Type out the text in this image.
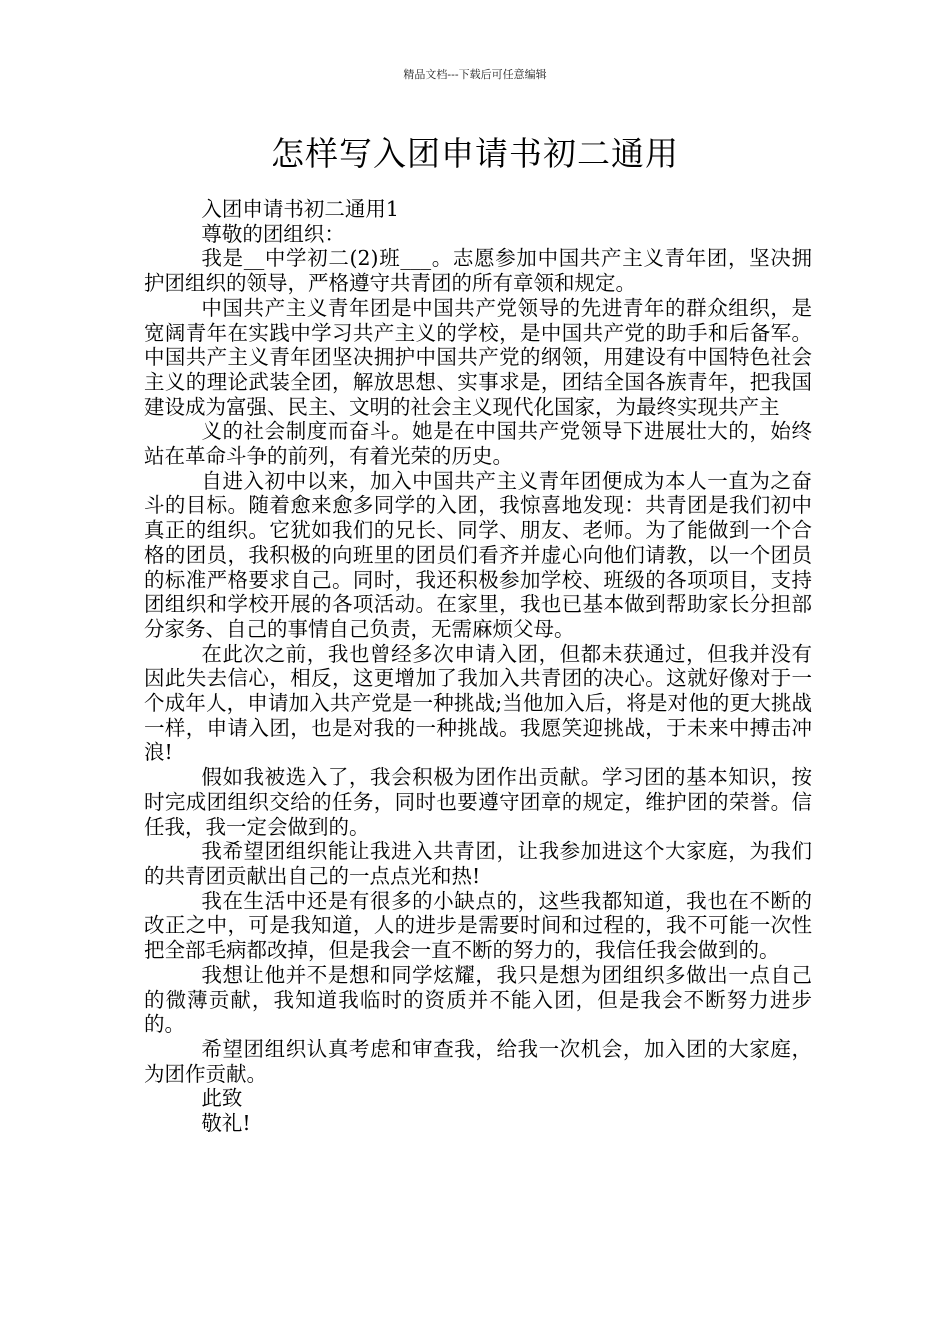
精品文档---下载后可任意编辑
怎样写入团申请书初二通用

入团申请书初二通用1

尊敬的团组织：

我是__中学初二(2)班___。志愿参加中国共产主义青年团，坚决拥护团组织的领导，严格遵守共青团的所有章领和规定。

中国共产主义青年团是中国共产党领导的先进青年的群众组织，是宽阔青年在实践中学习共产主义的学校，是中国共产党的助手和后备军。中国共产主义青年团坚决拥护中国共产党的纲领，用建设有中国特色社会主义的理论武装全团，解放思想、实事求是，团结全国各族青年，把我国建设成为富强、民主、文明的社会主义现代化国家，为最终实现共产主

义的社会制度而奋斗。她是在中国共产党领导下进展壮大的，始终站在革命斗争的前列，有着光荣的历史。

自进入初中以来，加入中国共产主义青年团便成为本人一直为之奋斗的目标。随着愈来愈多同学的入团，我惊喜地发现：共青团是我们初中真正的组织。它犹如我们的兄长、同学、朋友、老师。为了能做到一个合格的团员，我积极的向班里的团员们看齐并虚心向他们请教，以一个团员的标准严格要求自己。同时，我还积极参加学校、班级的各项项目，支持团组织和学校开展的各项活动。在家里，我也已基本做到帮助家长分担部分家务、自己的事情自己负责，无需麻烦父母。

在此次之前，我也曾经多次申请入团，但都未获通过，但我并没有因此失去信心，相反，这更增加了我加入共青团的决心。这就好像对于一个成年人，申请加入共产党是一种挑战;当他加入后，将是对他的更大挑战一样，申请入团，也是对我的一种挑战。我愿笑迎挑战，于未来中搏击冲浪!

假如我被选入了，我会积极为团作出贡献。学习团的基本知识，按时完成团组织交给的任务，同时也要遵守团章的规定，维护团的荣誉。信任我，我一定会做到的。

我希望团组织能让我进入共青团，让我参加进这个大家庭，为我们的共青团贡献出自己的一点点光和热!

我在生活中还是有很多的小缺点的，这些我都知道，我也在不断的改正之中，可是我知道，人的进步是需要时间和过程的，我不可能一次性把全部毛病都改掉，但是我会一直不断的努力的，我信任我会做到的。

我想让他并不是想和同学炫耀，我只是想为团组织多做出一点自己的微薄贡献，我知道我临时的资质并不能入团，但是我会不断努力进步的。

希望团组织认真考虑和审查我，给我一次机会，加入团的大家庭，为团作贡献。

此致

敬礼!
